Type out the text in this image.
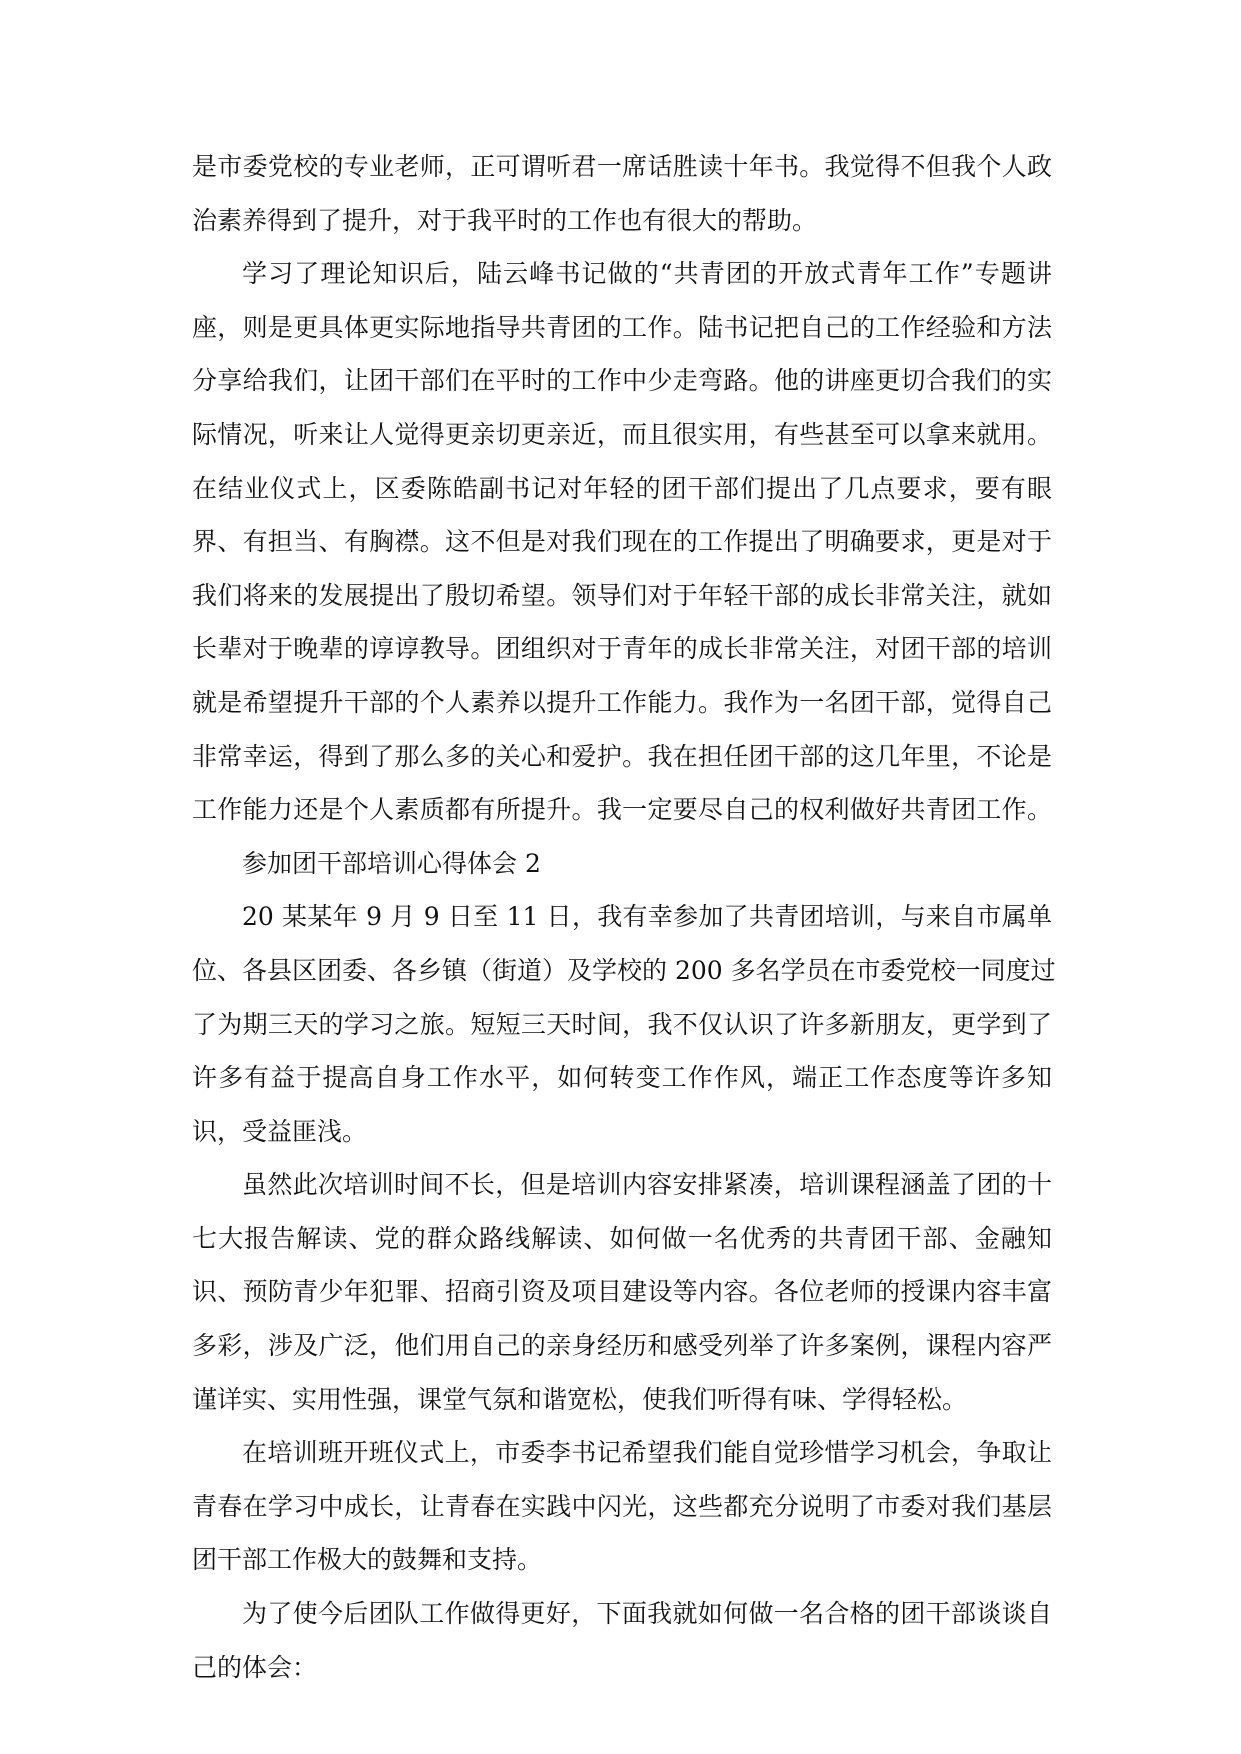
是市委党校的专业老师，正可谓听君一席话胜读十年书。我觉得不但我个人政
治素养得到了提升，对于我平时的工作也有很大的帮助。
学习了理论知识后，陆云峰书记做的“共青团的开放式青年工作”专题讲
座，则是更具体更实际地指导共青团的工作。陆书记把自己的工作经验和方法
分享给我们，让团干部们在平时的工作中少走弯路。他的讲座更切合我们的实
际情况，听来让人觉得更亲切更亲近，而且很实用，有些甚至可以拿来就用。
在结业仪式上，区委陈皓副书记对年轻的团干部们提出了几点要求，要有眼
界、有担当、有胸襟。这不但是对我们现在的工作提出了明确要求，更是对于
我们将来的发展提出了殷切希望。领导们对于年轻干部的成长非常关注，就如
长辈对于晚辈的谆谆教导。团组织对于青年的成长非常关注，对团干部的培训
就是希望提升干部的个人素养以提升工作能力。我作为一名团干部，觉得自己
非常幸运，得到了那么多的关心和爱护。我在担任团干部的这几年里，不论是
工作能力还是个人素质都有所提升。我一定要尽自己的权利做好共青团工作。
参加团干部培训心得体会 2
20 某某年 9 月 9 日至 11 日，我有幸参加了共青团培训，与来自市属单
位、各县区团委、各乡镇（街道）及学校的 200 多名学员在市委党校一同度过
了为期三天的学习之旅。短短三天时间，我不仅认识了许多新朋友，更学到了
许多有益于提高自身工作水平，如何转变工作作风，端正工作态度等许多知
识，受益匪浅。
虽然此次培训时间不长，但是培训内容安排紧凑，培训课程涵盖了团的十
七大报告解读、党的群众路线解读、如何做一名优秀的共青团干部、金融知
识、预防青少年犯罪、招商引资及项目建设等内容。各位老师的授课内容丰富
多彩，涉及广泛，他们用自己的亲身经历和感受列举了许多案例，课程内容严
谨详实、实用性强，课堂气氛和谐宽松，使我们听得有味、学得轻松。
在培训班开班仪式上，市委李书记希望我们能自觉珍惜学习机会，争取让
青春在学习中成长，让青春在实践中闪光，这些都充分说明了市委对我们基层
团干部工作极大的鼓舞和支持。
为了使今后团队工作做得更好，下面我就如何做一名合格的团干部谈谈自
己的体会：
